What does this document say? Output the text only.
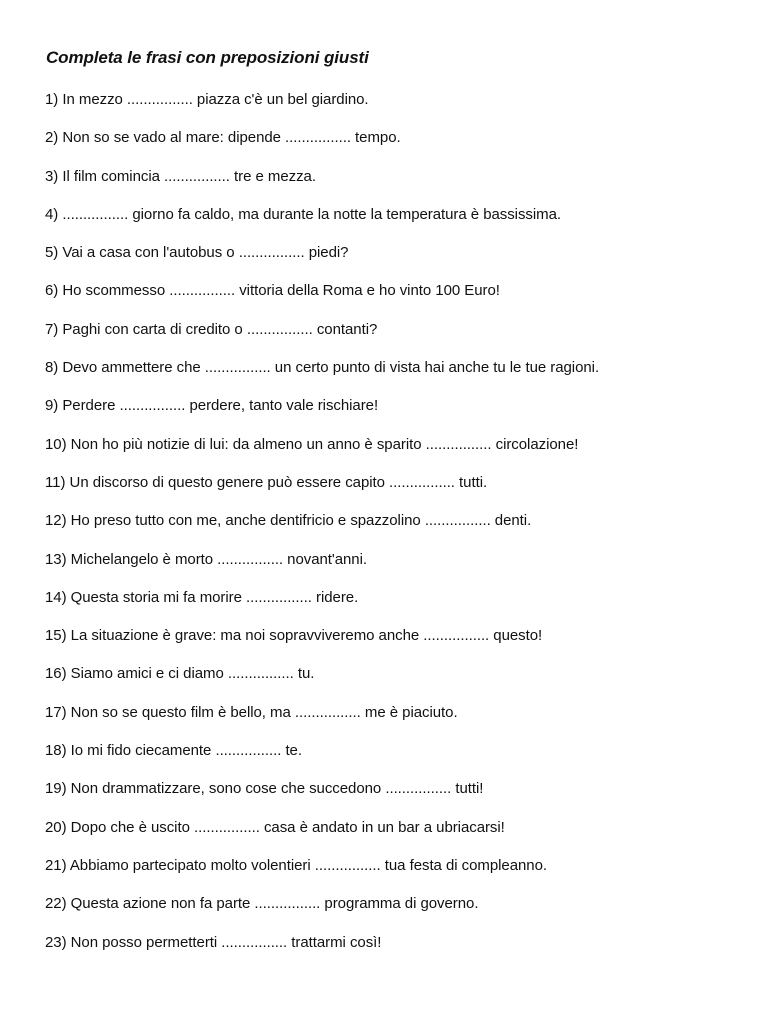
Completa le frasi con preposizioni giusti
1) In mezzo ................ piazza c'è un bel giardino.
2) Non so se vado al mare: dipende ................ tempo.
3) Il film comincia ................ tre e mezza.
4) ................ giorno fa caldo, ma durante la notte la temperatura è bassissima.
5) Vai a casa con l'autobus o ................ piedi?
6) Ho scommesso ................ vittoria della Roma e ho vinto 100 Euro!
7) Paghi con carta di credito o ................ contanti?
8) Devo ammettere che ................ un certo punto di vista hai anche tu le tue ragioni.
9) Perdere ................ perdere, tanto vale rischiare!
10) Non ho più notizie di lui: da almeno un anno è sparito ................ circolazione!
11) Un discorso di questo genere può essere capito ................ tutti.
12) Ho preso tutto con me, anche dentifricio e spazzolino ................ denti.
13) Michelangelo è morto ................ novant'anni.
14) Questa storia mi fa morire ................ ridere.
15) La situazione è grave: ma noi sopravviveremo anche ................ questo!
16) Siamo amici e ci diamo ................ tu.
17) Non so se questo film è bello, ma ................ me è piaciuto.
18) Io mi fido ciecamente ................ te.
19) Non drammatizzare, sono cose che succedono ................ tutti!
20) Dopo che è uscito ................ casa è andato in un bar a ubriacarsi!
21) Abbiamo partecipato molto volentieri ................ tua festa di compleanno.
22) Questa azione non fa parte ................ programma di governo.
23) Non posso permetterti ................ trattarmi così!
